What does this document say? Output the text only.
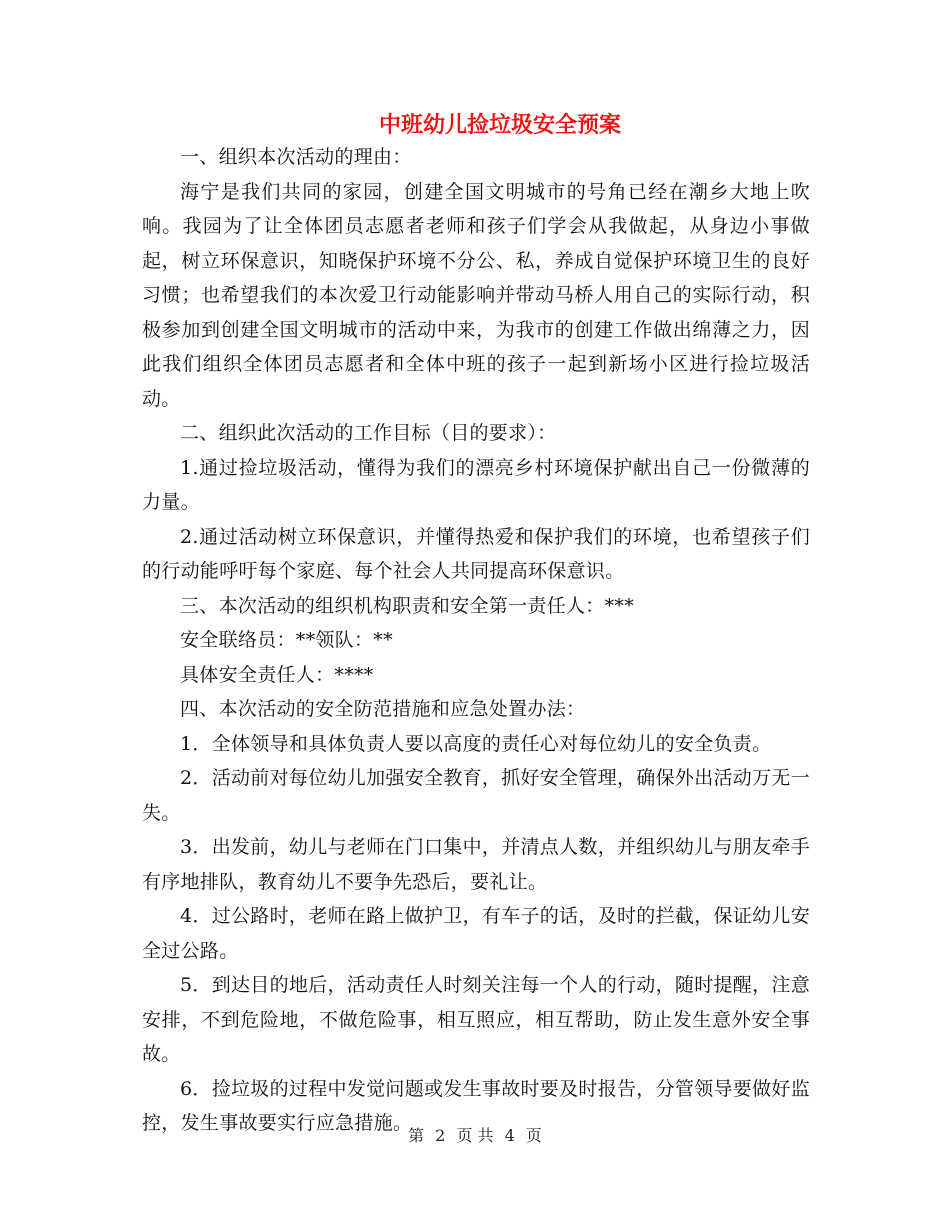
中班幼儿捡垃圾安全预案

一、组织本次活动的理由：

海宁是我们共同的家园，创建全国文明城市的号角已经在潮乡大地上吹响。我园为了让全体团员志愿者老师和孩子们学会从我做起，从身边小事做起，树立环保意识，知晓保护环境不分公、私，养成自觉保护环境卫生的良好习惯；也希望我们的本次爱卫行动能影响并带动马桥人用自己的实际行动，积极参加到创建全国文明城市的活动中来，为我市的创建工作做出绵薄之力，因此我们组织全体团员志愿者和全体中班的孩子一起到新场小区进行捡垃圾活动。

二、组织此次活动的工作目标（目的要求）：

1.通过捡垃圾活动，懂得为我们的漂亮乡村环境保护献出自己一份微薄的力量。

2.通过活动树立环保意识，并懂得热爱和保护我们的环境，也希望孩子们的行动能呼吁每个家庭、每个社会人共同提高环保意识。

三、本次活动的组织机构职责和安全第一责任人：***

安全联络员：**领队：**

具体安全责任人：****

四、本次活动的安全防范措施和应急处置办法：

1．全体领导和具体负责人要以高度的责任心对每位幼儿的安全负责。

2．活动前对每位幼儿加强安全教育，抓好安全管理，确保外出活动万无一失。

3．出发前，幼儿与老师在门口集中，并清点人数，并组织幼儿与朋友牵手有序地排队，教育幼儿不要争先恐后，要礼让。

4．过公路时，老师在路上做护卫，有车子的话，及时的拦截，保证幼儿安全过公路。

5．到达目的地后，活动责任人时刻关注每一个人的行动，随时提醒，注意安排，不到危险地，不做危险事，相互照应，相互帮助，防止发生意外安全事故。

6．捡垃圾的过程中发觉问题或发生事故时要及时报告，分管领导要做好监控，发生事故要实行应急措施。

第 2 页 共 4 页
